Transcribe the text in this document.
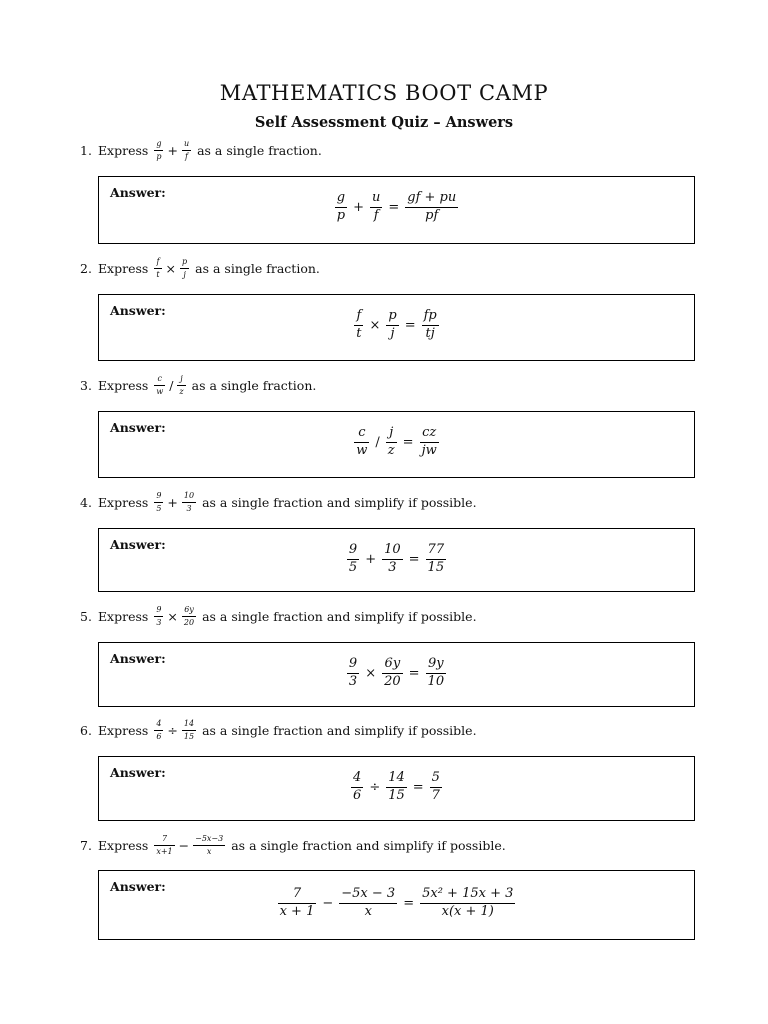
MATHEMATICS BOOT CAMP
Self Assessment Quiz – Answers
1. Express $\frac{g}{p} + \frac{u}{f}$ as a single fraction.
Answer:	$\frac{g}{p} + \frac{u}{f} = \frac{gf + pu}{pf}$
2. Express $\frac{f}{t} \times \frac{p}{j}$ as a single fraction.
Answer:	$\frac{f}{t} \times \frac{p}{j} = \frac{fp}{tj}$
3. Express $\frac{c}{w} / \frac{j}{z}$ as a single fraction.
Answer:	$\frac{c}{w} / \frac{j}{z} = \frac{cz}{jw}$
4. Express $\frac{9}{5} + \frac{10}{3}$ as a single fraction and simplify if possible.
Answer:	$\frac{9}{5} + \frac{10}{3} = \frac{77}{15}$
5. Express $\frac{9}{3} \times \frac{6y}{20}$ as a single fraction and simplify if possible.
Answer:	$\frac{9}{3} \times \frac{6y}{20} = \frac{9y}{10}$
6. Express $\frac{4}{6} \div \frac{14}{15}$ as a single fraction and simplify if possible.
Answer:	$\frac{4}{6} \div \frac{14}{15} = \frac{5}{7}$
7. Express $\frac{7}{x+1} - \frac{-5x-3}{x}$ as a single fraction and simplify if possible.
Answer:
$\frac{7}{x + 1} - \frac{-5x - 3}{x} = \frac{\text{5x² + 15x + 3}}{x(x + 1)}$
